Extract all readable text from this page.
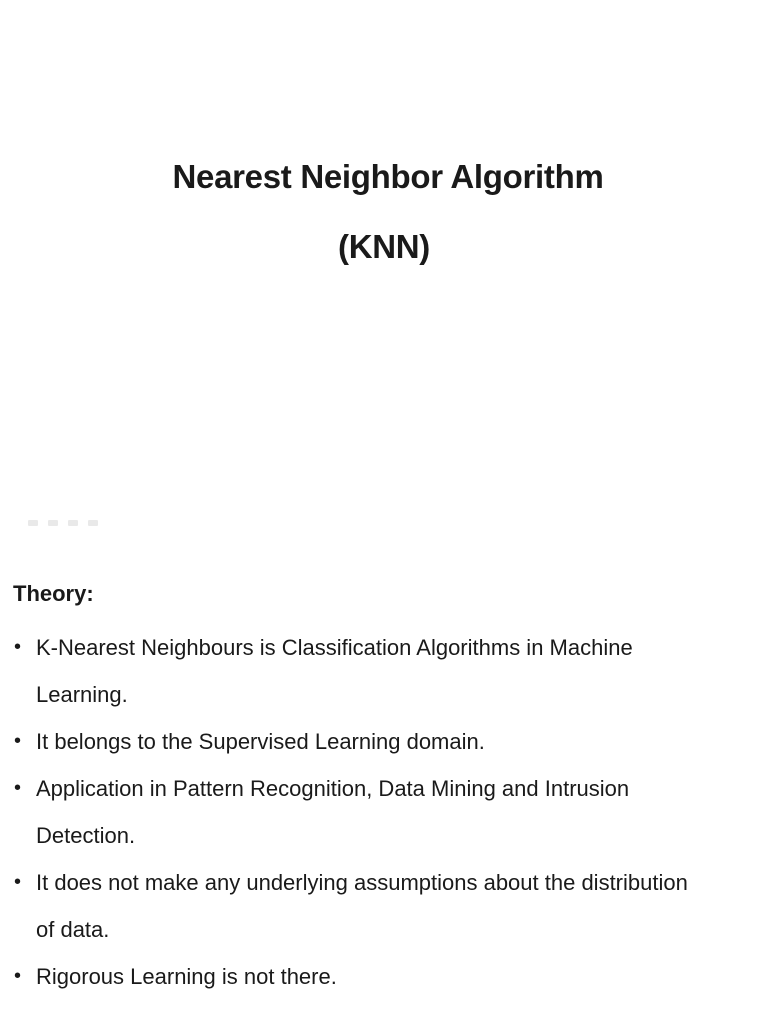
Nearest Neighbor Algorithm
(KNN)
Theory:
• K-Nearest Neighbours is Classification Algorithms in Machine Learning.
• It belongs to the Supervised Learning domain.
• Application in Pattern Recognition, Data Mining and Intrusion Detection.
• It does not make any underlying assumptions about the distribution of data.
• Rigorous Learning is not there.
